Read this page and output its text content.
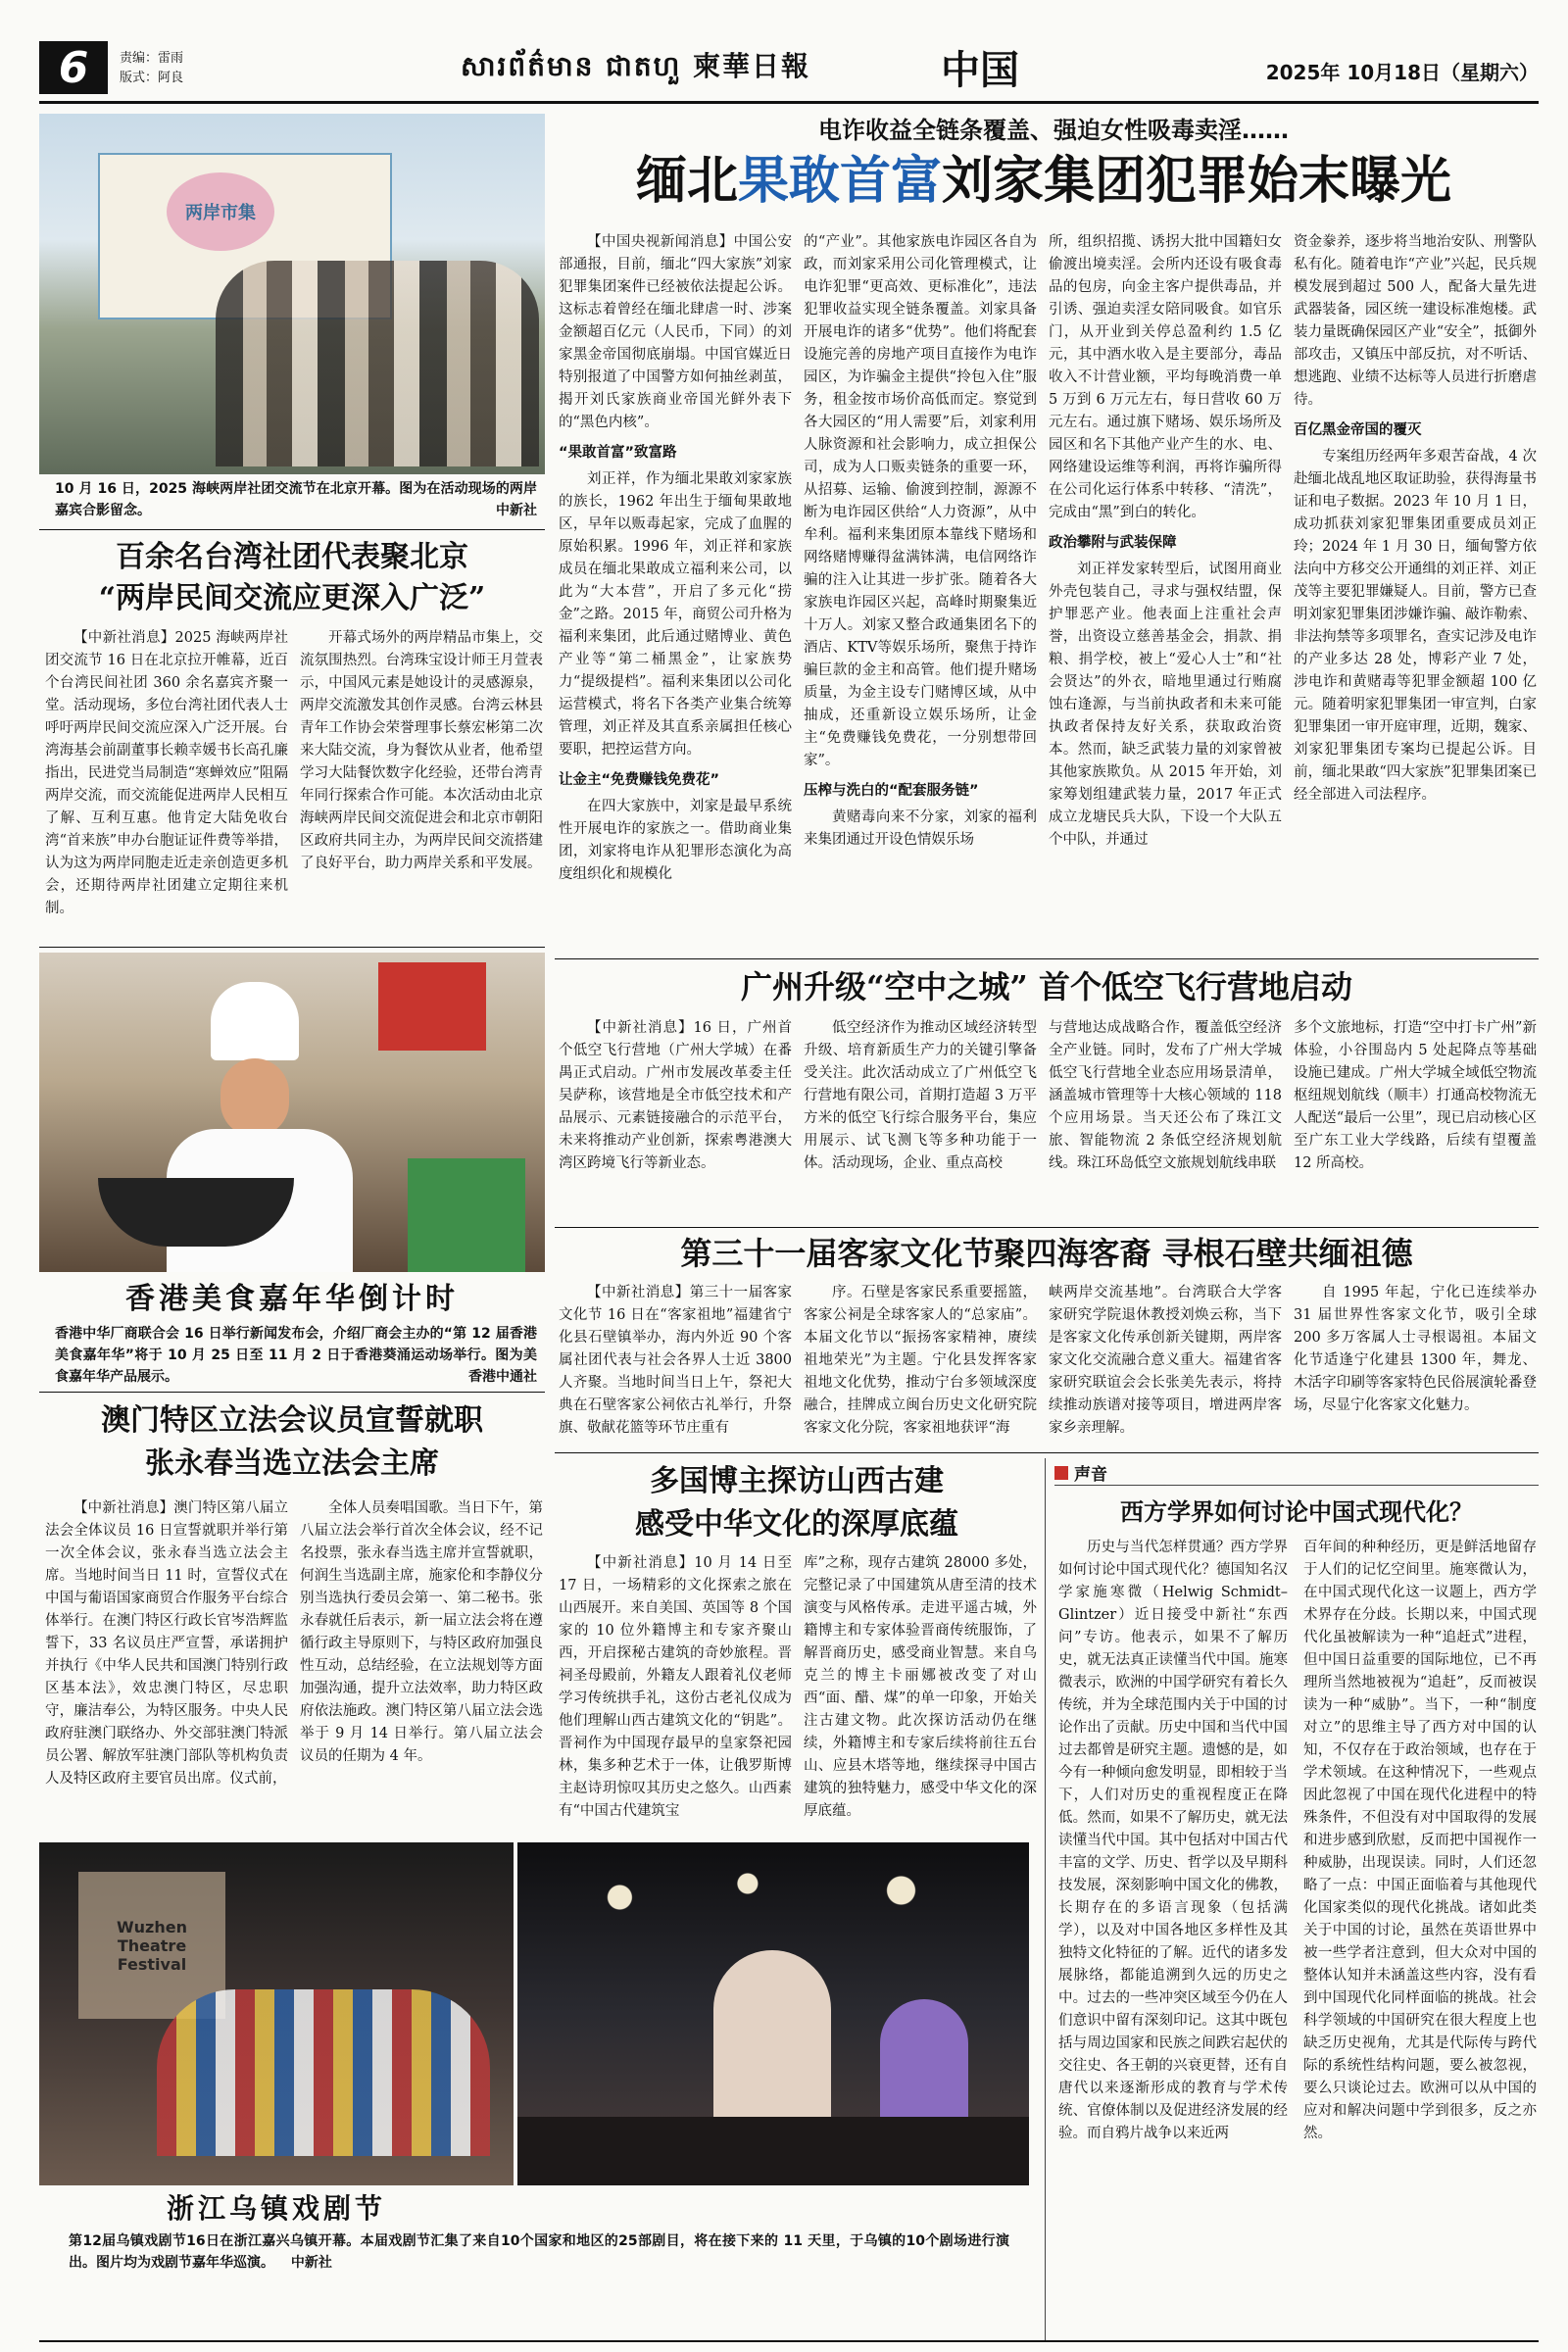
6	责编：雷雨
版式：阿良	សារព័ត៌មាន ជាតហួ 柬華日報	中国	2025年 10月18日（星期六）
两岸市集
10 月 16 日，2025 海峡两岸社团交流节在北京开幕。图为在活动现场的两岸嘉宾合影留念。	中新社
百余名台湾社团代表聚北京
“两岸民间交流应更深入广泛”

【中新社消息】2025 海峡两岸社团交流节 16 日在北京拉开帷幕，近百个台湾民间社团 360 余名嘉宾齐聚一堂。活动现场，多位台湾社团代表人士呼吁两岸民间交流应深入广泛开展。台湾海基会前副董事长赖幸媛书长高孔廉指出，民进党当局制造“寒蝉效应”阻隔两岸交流，而交流能促进两岸人民相互了解、互利互惠。他肯定大陆免收台湾“首来族”申办台胞证证件费等举措，认为这为两岸同胞走近走亲创造更多机会，还期待两岸社团建立定期往来机制。

开幕式场外的两岸精品市集上，交流氛围热烈。台湾珠宝设计师王月萱表示，中国风元素是她设计的灵感源泉，两岸交流激发其创作灵感。台湾云林县青年工作协会荣誉理事长蔡宏彬第二次来大陆交流，身为餐饮从业者，他希望学习大陆餐饮数字化经验，还带台湾青年同行探索合作可能。本次活动由北京海峡两岸民间交流促进会和北京市朝阳区政府共同主办，为两岸民间交流搭建了良好平台，助力两岸关系和平发展。

香港美食嘉年华倒计时
香港中华厂商联合会 16 日举行新闻发布会，介绍厂商会主办的“第 12 届香港美食嘉年华”将于 10 月 25 日至 11 月 2 日于香港葵涌运动场举行。图为美食嘉年华产品展示。	香港中通社
澳门特区立法会议员宣誓就职
张永春当选立法会主席

【中新社消息】澳门特区第八届立法会全体议员 16 日宣誓就职并举行第一次全体会议，张永春当选立法会主席。当地时间当日 11 时，宣誓仪式在中国与葡语国家商贸合作服务平台综合体举行。在澳门特区行政长官岑浩辉监誓下，33 名议员庄严宣誓，承诺拥护并执行《中华人民共和国澳门特别行政区基本法》，效忠澳门特区，尽忠职守，廉洁奉公，为特区服务。中央人民政府驻澳门联络办、外交部驻澳门特派员公署、解放军驻澳门部队等机构负责人及特区政府主要官员出席。仪式前，

全体人员奏唱国歌。当日下午，第八届立法会举行首次全体会议，经不记名投票，张永春当选主席并宣誓就职，何润生当选副主席，施家伦和李静仪分别当选执行委员会第一、第二秘书。张永春就任后表示，新一届立法会将在遵循行政主导原则下，与特区政府加强良性互动，总结经验，在立法规划等方面加强沟通，提升立法效率，助力特区政府依法施政。澳门特区第八届立法会选举于 9 月 14 日举行。第八届立法会议员的任期为 4 年。

Wuzhen Theatre Festival
浙江乌镇戏剧节
第12届乌镇戏剧节16日在浙江嘉兴乌镇开幕。本届戏剧节汇集了来自10个国家和地区的25部剧目，将在接下来的 11 天里，于乌镇的10个剧场进行演出。图片均为戏剧节嘉年华巡演。 中新社
电诈收益全链条覆盖、强迫女性吸毒卖淫……
缅北果敢首富刘家集团犯罪始末曝光

【中国央视新闻消息】中国公安部通报，目前，缅北“四大家族”刘家犯罪集团案件已经被依法提起公诉。这标志着曾经在缅北肆虐一时、涉案金额超百亿元（人民币，下同）的刘家黑金帝国彻底崩塌。中国官媒近日特别报道了中国警方如何抽丝剥茧，揭开刘氏家族商业帝国光鲜外表下的“黑色内核”。

“果敢首富”致富路

刘正祥，作为缅北果敢刘家家族的族长，1962 年出生于缅甸果敢地区，早年以贩毒起家，完成了血腥的原始积累。1996 年，刘正祥和家族成员在缅北果敢成立福利来公司，以此为“大本营”，开启了多元化“捞金”之路。2015 年，商贸公司升格为福利来集团，此后通过赌博业、黄色产业等“第二桶黑金”，让家族势力“提级提档”。福利来集团以公司化运营模式，将名下各类产业集合统筹管理，刘正祥及其直系亲属担任核心要职，把控运营方向。

让金主“免费赚钱免费花”

在四大家族中，刘家是最早系统性开展电诈的家族之一。借助商业集团，刘家将电诈从犯罪形态演化为高度组织化和规模化

的“产业”。其他家族电诈园区各自为政，而刘家采用公司化管理模式，让电诈犯罪“更高效、更标准化”，违法犯罪收益实现全链条覆盖。刘家具备开展电诈的诸多“优势”。他们将配套设施完善的房地产项目直接作为电诈园区，为诈骗金主提供“拎包入住”服务，租金按市场价高低而定。察觉到各大园区的“用人需要”后，刘家利用人脉资源和社会影响力，成立担保公司，成为人口贩卖链条的重要一环，从招募、运输、偷渡到控制，源源不断为电诈园区供给“人力资源”，从中牟利。福利来集团原本靠线下赌场和网络赌博赚得盆满钵满，电信网络诈骗的注入让其进一步扩张。随着各大家族电诈园区兴起，高峰时期聚集近十万人。刘家又整合政通集团名下的酒店、KTV等娱乐场所，聚焦于持诈骗巨款的金主和高管。他们提升赌场质量，为金主设专门赌博区域，从中抽成，还重新设立娱乐场所，让金主“免费赚钱免费花，一分别想带回家”。

压榨与洗白的“配套服务链”

黄赌毒向来不分家，刘家的福利来集团通过开设色情娱乐场

所，组织招揽、诱拐大批中国籍妇女偷渡出境卖淫。会所内还设有吸食毒品的包房，向金主客户提供毒品，并引诱、强迫卖淫女陪同吸食。如官乐门，从开业到关停总盈利约 1.5 亿元，其中酒水收入是主要部分，毒品收入不计营业额，平均每晚消费一单 5 万到 6 万元左右，每日营收 60 万元左右。通过旗下赌场、娱乐场所及园区和名下其他产业产生的水、电、网络建设运维等利润，再将诈骗所得在公司化运行体系中转移、“清洗”，完成由“黑”到白的转化。

政治攀附与武装保障

刘正祥发家转型后，试图用商业外壳包装自己，寻求与强权结盟，保护罪恶产业。他表面上注重社会声誉，出资设立慈善基金会，捐款、捐粮、捐学校，被上“爱心人士”和“社会贤达”的外衣，暗地里通过行贿腐蚀右逢源，与当前执政者和未来可能执政者保持友好关系，获取政治资本。然而，缺乏武装力量的刘家曾被其他家族欺负。从 2015 年开始，刘家筹划组建武装力量，2017 年正式成立龙塘民兵大队，下设一个大队五个中队，并通过

资金豢养，逐步将当地治安队、刑警队私有化。随着电诈“产业”兴起，民兵规模发展到超过 500 人，配备大量先进武器装备，园区统一建设标准炮楼。武装力量既确保园区产业“安全”，抵御外部攻击，又镇压中部反抗，对不听话、想逃跑、业绩不达标等人员进行折磨虐待。

百亿黑金帝国的覆灭

专案组历经两年多艰苦奋战，4 次赴缅北战乱地区取证助验，获得海量书证和电子数据。2023 年 10 月 1 日，成功抓获刘家犯罪集团重要成员刘正玲；2024 年 1 月 30 日，缅甸警方依法向中方移交公开通缉的刘正祥、刘正茂等主要犯罪嫌疑人。目前，警方已查明刘家犯罪集团涉嫌诈骗、敲诈勒索、非法拘禁等多项罪名，查实记涉及电诈的产业多达 28 处，博彩产业 7 处，涉电诈和黄赌毒等犯罪金额超 100 亿元。随着明家犯罪集团一审宣判，白家犯罪集团一审开庭审理，近期，魏家、刘家犯罪集团专案均已提起公诉。目前，缅北果敢“四大家族”犯罪集团案已经全部进入司法程序。

广州升级“空中之城” 首个低空飞行营地启动

【中新社消息】16 日，广州首个低空飞行营地（广州大学城）在番禺正式启动。广州市发展改革委主任吴萨称，该营地是全市低空技术和产品展示、元素链接融合的示范平台，未来将推动产业创新，探索粤港澳大湾区跨境飞行等新业态。

低空经济作为推动区域经济转型升级、培育新质生产力的关键引擎备受关注。此次活动成立了广州低空飞行营地有限公司，首期打造超 3 万平方米的低空飞行综合服务平台，集应用展示、试飞测飞等多种功能于一体。活动现场，企业、重点高校

与营地达成战略合作，覆盖低空经济全产业链。同时，发布了广州大学城低空飞行营地全业态应用场景清单，涵盖城市管理等十大核心领域的 118 个应用场景。当天还公布了珠江文旅、智能物流 2 条低空经济规划航线。珠江环岛低空文旅规划航线串联

多个文旅地标，打造“空中打卡广州”新体验，小谷围岛内 5 处起降点等基础设施已建成。广州大学城全域低空物流枢纽规划航线（顺丰）打通高校物流无人配送“最后一公里”，现已启动核心区至广东工业大学线路，后续有望覆盖 12 所高校。

第三十一届客家文化节聚四海客裔 寻根石壁共缅祖德

【中新社消息】第三十一届客家文化节 16 日在“客家祖地”福建省宁化县石壁镇举办，海内外近 90 个客属社团代表与社会各界人士近 3800 人齐聚。当地时间当日上午，祭祀大典在石壁客家公祠依古礼举行，升祭旗、敬献花篮等环节庄重有

序。石壁是客家民系重要摇篮，客家公祠是全球客家人的“总家庙”。本届文化节以“振扬客家精神，赓续祖地荣光”为主题。宁化县发挥客家祖地文化优势，推动宁台多领域深度融合，挂牌成立闽台历史文化研究院客家文化分院，客家祖地获评“海

峡两岸交流基地”。台湾联合大学客家研究学院退休教授刘焕云称，当下是客家文化传承创新关键期，两岸客家文化交流融合意义重大。福建省客家研究联谊会会长张美先表示，将持续推动族谱对接等项目，增进两岸客家乡亲理解。

自 1995 年起，宁化已连续举办 31 届世界性客家文化节，吸引全球 200 多万客属人士寻根谒祖。本届文化节适逢宁化建县 1300 年，舞龙、木活字印刷等客家特色民俗展演轮番登场，尽显宁化客家文化魅力。

多国博主探访山西古建
感受中华文化的深厚底蕴

【中新社消息】10 月 14 日至 17 日，一场精彩的文化探索之旅在山西展开。来自美国、英国等 8 个国家的 10 位外籍博主和专家齐聚山西，开启探秘古建筑的奇妙旅程。晋祠圣母殿前，外籍友人跟着礼仪老师学习传统拱手礼，这份古老礼仪成为他们理解山西古建筑文化的“钥匙”。晋祠作为中国现存最早的皇家祭祀园林，集多种艺术于一体，让俄罗斯博主赵诗玥惊叹其历史之悠久。山西素有“中国古代建筑宝

库”之称，现存古建筑 28000 多处，完整记录了中国建筑从唐至清的技术演变与风格传承。走进平遥古城，外籍博主和专家体验晋商传统服饰，了解晋商历史，感受商业智慧。来自乌克兰的博主卡丽娜被改变了对山西“面、醋、煤”的单一印象，开始关注古建文物。此次探访活动仍在继续，外籍博主和专家后续将前往五台山、应县木塔等地，继续探寻中国古建筑的独特魅力，感受中华文化的深厚底蕴。

声音
西方学界如何讨论中国式现代化？

历史与当代怎样贯通？西方学界如何讨论中国式现代化？德国知名汉学家施寒微（Helwig Schmidt–Glintzer）近日接受中新社“东西问”专访。他表示，如果不了解历史，就无法真正读懂当代中国。施寒微表示，欧洲的中国学研究有着长久传统，并为全球范围内关于中国的讨论作出了贡献。历史中国和当代中国过去都曾是研究主题。遗憾的是，如今有一种倾向愈发明显，即相较于当下，人们对历史的重视程度正在降低。然而，如果不了解历史，就无法读懂当代中国。其中包括对中国古代丰富的文学、历史、哲学以及早期科技发展，深刻影响中国文化的佛教，长期存在的多语言现象（包括满学），以及对中国各地区多样性及其独特文化特征的了解。近代的诸多发展脉络，都能追溯到久远的历史之中。过去的一些冲突区域至今仍在人们意识中留有深刻印记。这其中既包括与周边国家和民族之间跌宕起伏的交往史、各王朝的兴衰更替，还有自唐代以来逐渐形成的教育与学术传统、官僚体制以及促进经济发展的经验。而自鸦片战争以来近两

百年间的种种经历，更是鲜活地留存于人们的记忆空间里。施寒微认为，在中国式现代化这一议题上，西方学术界存在分歧。长期以来，中国式现代化虽被解读为一种“追赶式”进程，但中国日益重要的国际地位，已不再理所当然地被视为“追赶”，反而被误读为一种“威胁”。当下，一种“制度对立”的思维主导了西方对中国的认知，不仅存在于政治领域，也存在于学术领域。在这种情况下，一些观点因此忽视了中国在现代化进程中的特殊条件，不但没有对中国取得的发展和进步感到欣慰，反而把中国视作一种威胁，出现误读。同时，人们还忽略了一点：中国正面临着与其他现代化国家类似的现代化挑战。诸如此类关于中国的讨论，虽然在英语世界中被一些学者注意到，但大众对中国的整体认知并未涵盖这些内容，没有看到中国现代化同样面临的挑战。社会科学领域的中国研究在很大程度上也缺乏历史视角，尤其是代际传与跨代际的系统性结构问题，要么被忽视，要么只谈论过去。欧洲可以从中国的应对和解决问题中学到很多，反之亦然。
